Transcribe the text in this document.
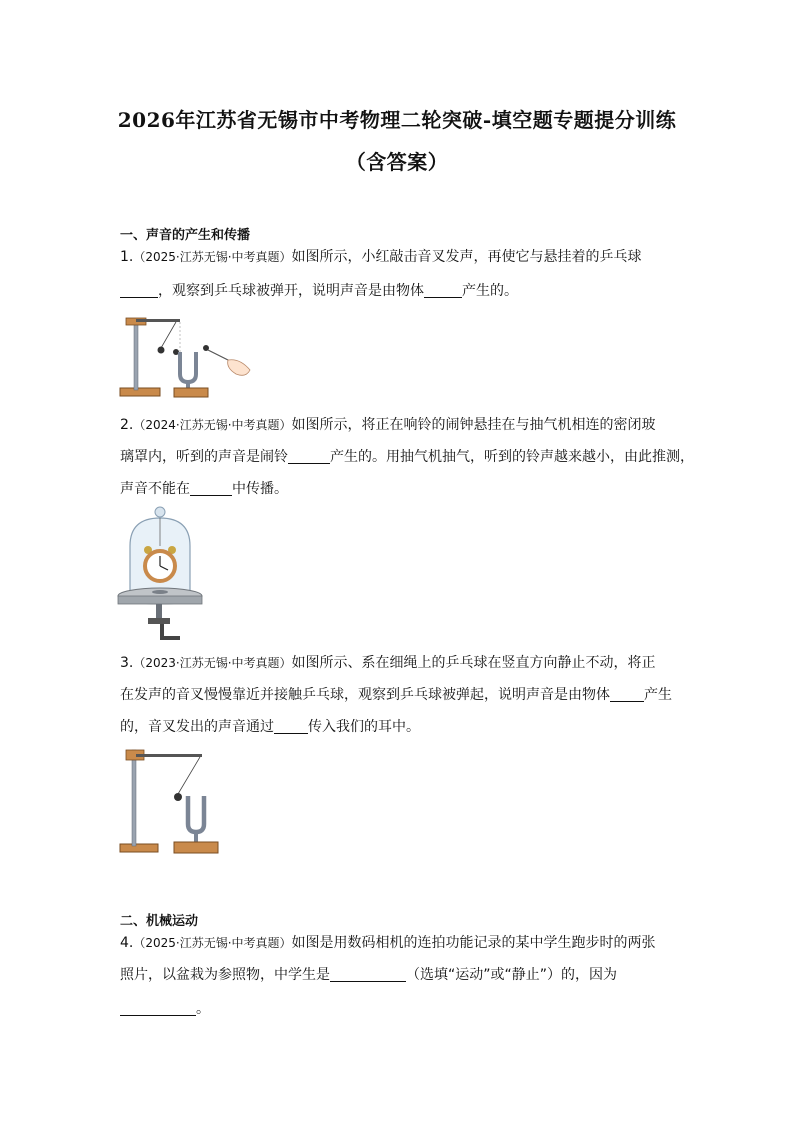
2026年江苏省无锡市中考物理二轮突破-填空题专题提分训练
（含答案）
一、声音的产生和传播
1.（2025·江苏无锡·中考真题）如图所示，小红敲击音叉发声，再使它与悬挂着的乒乓球
，观察到乒乓球被弹开，说明声音是由物体	产生的。
2.（2024·江苏无锡·中考真题）如图所示，将正在响铃的闹钟悬挂在与抽气机相连的密闭玻
璃罩内，听到的声音是闹铃	产生的。用抽气机抽气，听到的铃声越来越小，由此推测，
声音不能在	中传播。
3.（2023·江苏无锡·中考真题）如图所示、系在细绳上的乒乓球在竖直方向静止不动，将正
在发声的音叉慢慢靠近并接触乒乓球，观察到乒乓球被弹起，说明声音是由物体 产生
的，音叉发出的声音通过 传入我们的耳中。
二、机械运动
4.（2025·江苏无锡·中考真题）如图是用数码相机的连拍功能记录的某中学生跑步时的两张
照片，以盆栽为参照物，中学生是	（选填“运动”或“静止”）的，因为
。
